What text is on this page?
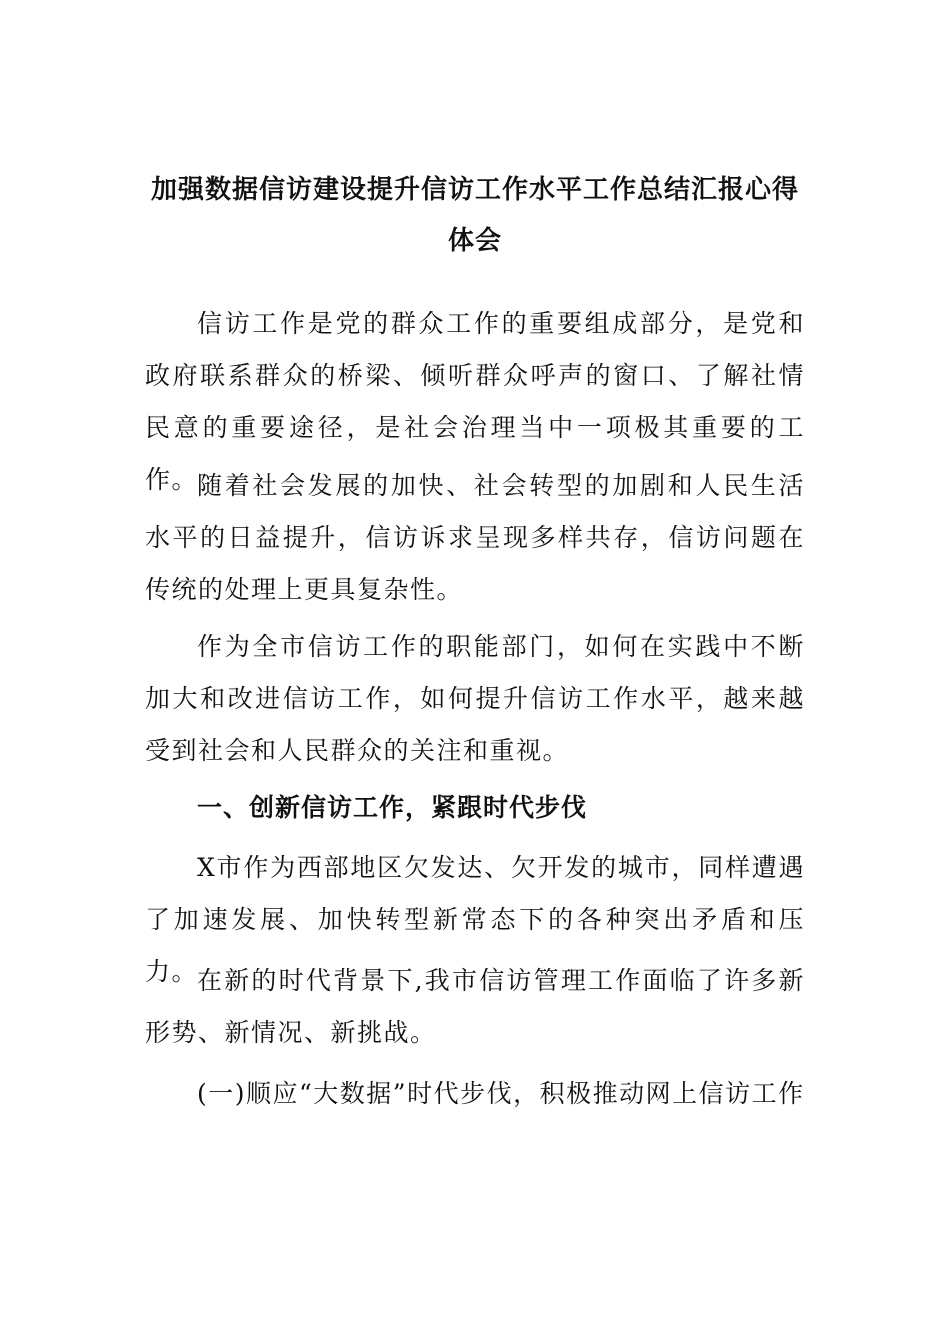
加强数据信访建设提升信访工作水平工作总结汇报心得体会
信访工作是党的群众工作的重要组成部分，是党和政府联系群众的桥梁、倾听群众呼声的窗口、了解社情民意的重要途径，是社会治理当中一项极其重要的工作。
随着社会发展的加快、社会转型的加剧和人民生活水平的日益提升，信访诉求呈现多样共存，信访问题在传统的处理上更具复杂性。
作为全市信访工作的职能部门，如何在实践中不断加大和改进信访工作，如何提升信访工作水平，越来越受到社会和人民群众的关注和重视。
一、创新信访工作，紧跟时代步伐
X市作为西部地区欠发达、欠开发的城市，同样遭遇了加速发展、加快转型新常态下的各种突出矛盾和压力。
在新的时代背景下,我市信访管理工作面临了许多新形势、新情况、新挑战。
(一)顺应“大数据”时代步伐，积极推动网上信访工作
